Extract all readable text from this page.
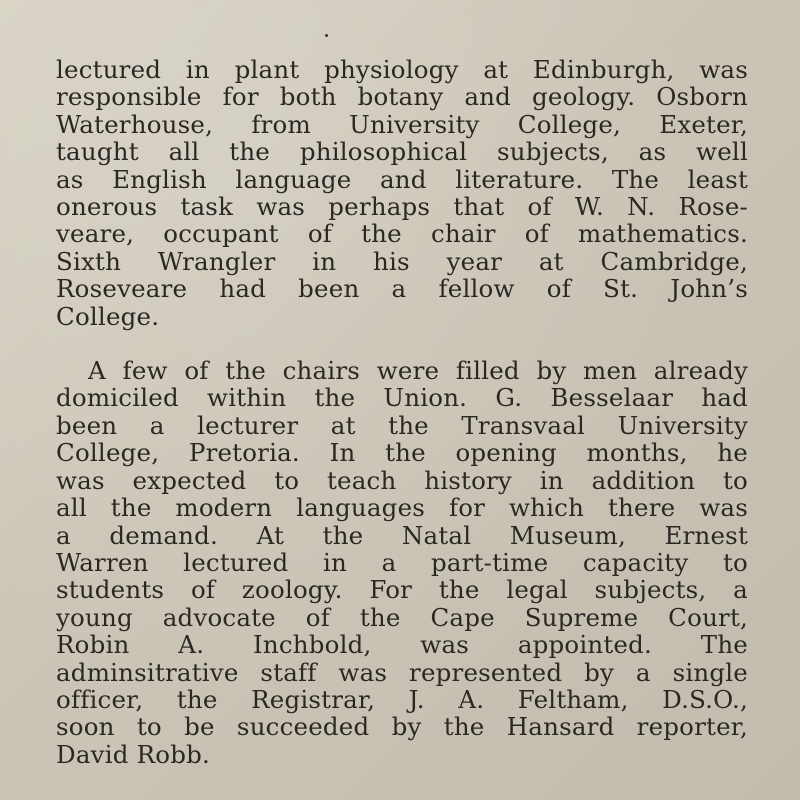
lectured in plant physiology at Edinburgh, was
responsible for both botany and geology. Osborn
Waterhouse, from University College, Exeter,
taught all the philosophical subjects, as well
as English language and literature. The least
onerous task was perhaps that of W. N. Rose-
veare, occupant of the chair of mathematics.
Sixth Wrangler in his year at Cambridge,
Roseveare had been a fellow of St. John’s
College.

A few of the chairs were filled by men already
domiciled within the Union. G. Besselaar had
been a lecturer at the Transvaal University
College, Pretoria. In the opening months, he
was expected to teach history in addition to
all the modern languages for which there was
a demand. At the Natal Museum, Ernest
Warren lectured in a part-time capacity to
students of zoology. For the legal subjects, a
young advocate of the Cape Supreme Court,
Robin A. Inchbold, was appointed. The
adminsitrative staff was represented by a single
officer, the Registrar, J. A. Feltham, D.S.O.,
soon to be succeeded by the Hansard reporter,
David Robb.
